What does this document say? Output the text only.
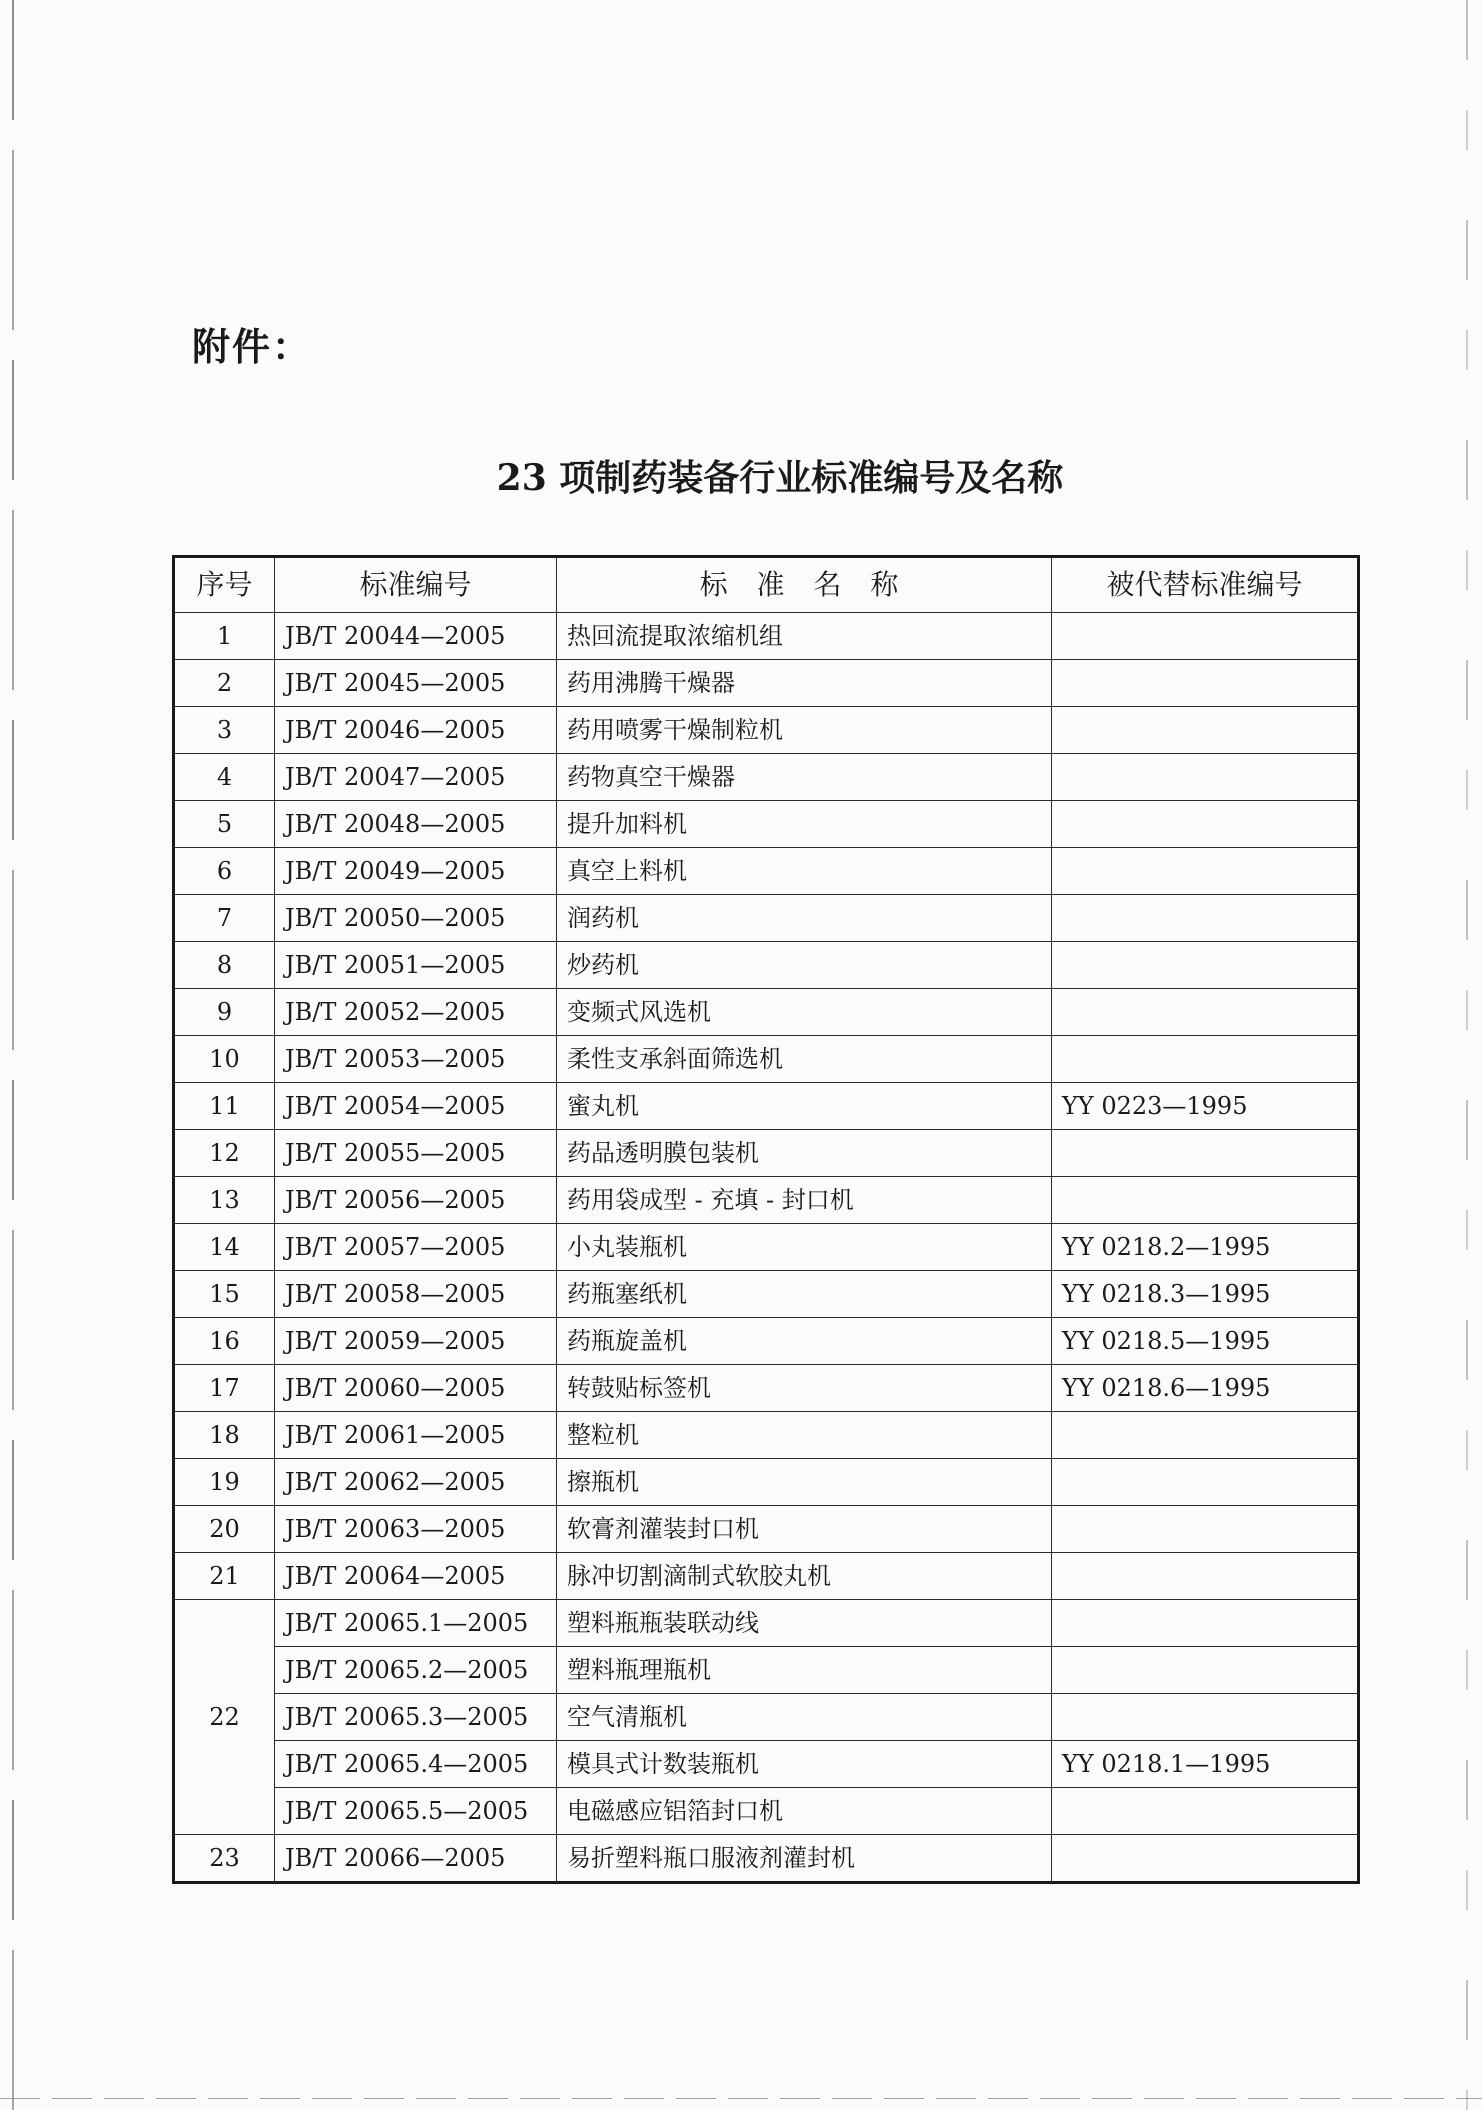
附件：
23 项制药装备行业标准编号及名称
序号	标准编号	标 准 名 称	被代替标准编号
1	JB/T 20044—2005	热回流提取浓缩机组	
2	JB/T 20045—2005	药用沸腾干燥器	
3	JB/T 20046—2005	药用喷雾干燥制粒机	
4	JB/T 20047—2005	药物真空干燥器	
5	JB/T 20048—2005	提升加料机	
6	JB/T 20049—2005	真空上料机	
7	JB/T 20050—2005	润药机	
8	JB/T 20051—2005	炒药机	
9	JB/T 20052—2005	变频式风选机	
10	JB/T 20053—2005	柔性支承斜面筛选机	
11	JB/T 20054—2005	蜜丸机	YY 0223—1995
12	JB/T 20055—2005	药品透明膜包装机	
13	JB/T 20056—2005	药用袋成型 - 充填 - 封口机	
14	JB/T 20057—2005	小丸装瓶机	YY 0218.2—1995
15	JB/T 20058—2005	药瓶塞纸机	YY 0218.3—1995
16	JB/T 20059—2005	药瓶旋盖机	YY 0218.5—1995
17	JB/T 20060—2005	转鼓贴标签机	YY 0218.6—1995
18	JB/T 20061—2005	整粒机	
19	JB/T 20062—2005	擦瓶机	
20	JB/T 20063—2005	软膏剂灌装封口机	
21	JB/T 20064—2005	脉冲切割滴制式软胶丸机	
22	JB/T 20065.1—2005	塑料瓶瓶装联动线	
	JB/T 20065.2—2005	塑料瓶理瓶机	
	JB/T 20065.3—2005	空气清瓶机	
	JB/T 20065.4—2005	模具式计数装瓶机	YY 0218.1—1995
	JB/T 20065.5—2005	电磁感应铝箔封口机	
23	JB/T 20066—2005	易折塑料瓶口服液剂灌封机	
